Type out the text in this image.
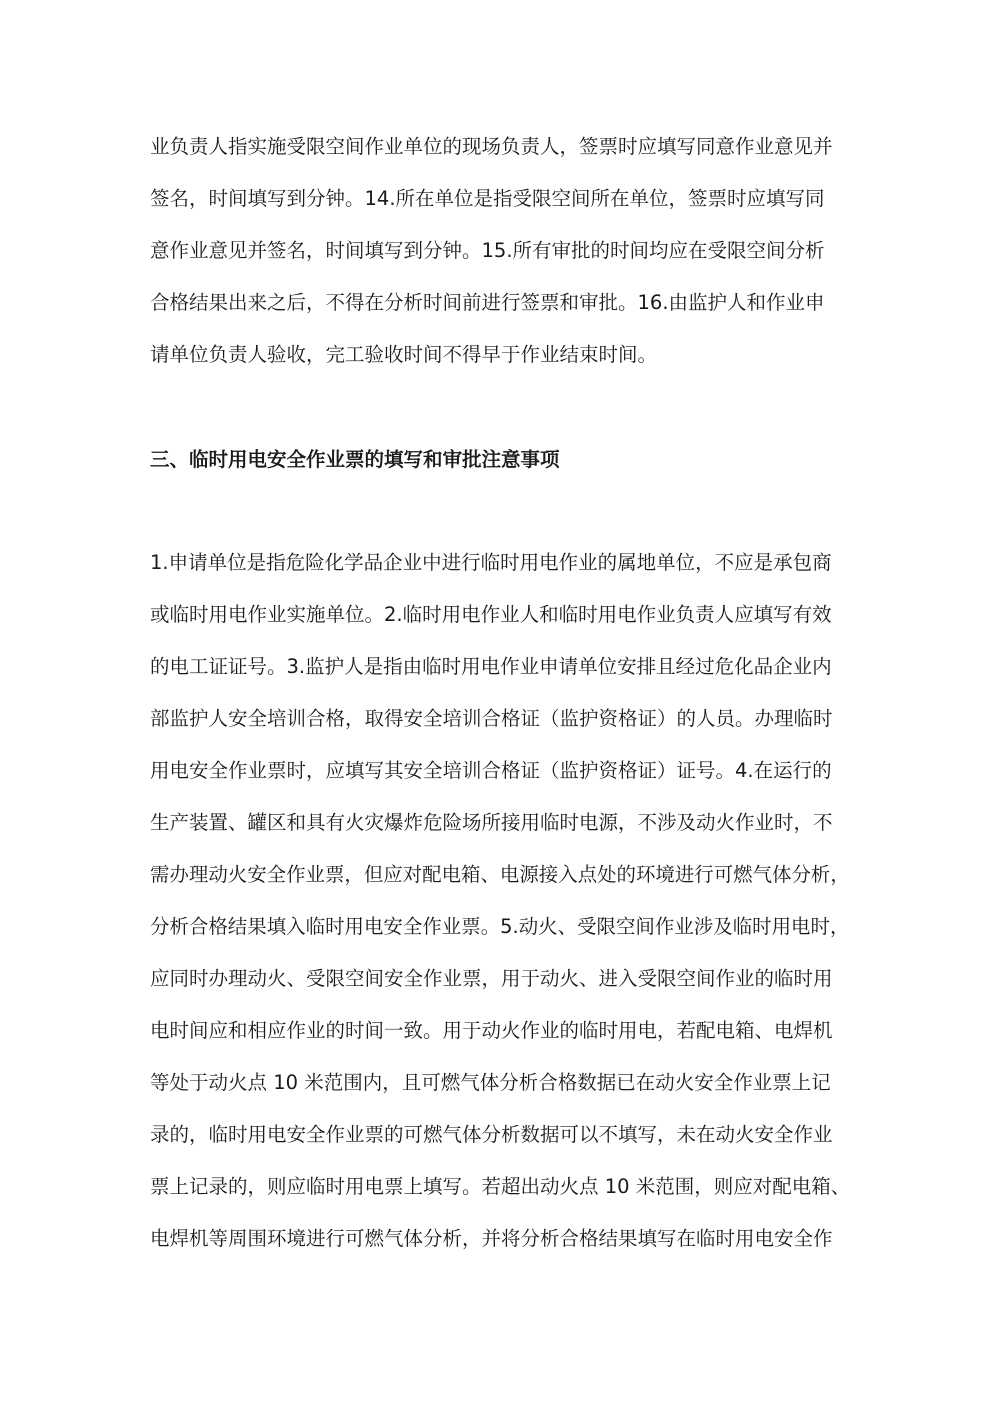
业负责人指实施受限空间作业单位的现场负责人，签票时应填写同意作业意见并
签名，时间填写到分钟。14.所在单位是指受限空间所在单位，签票时应填写同
意作业意见并签名，时间填写到分钟。15.所有审批的时间均应在受限空间分析
合格结果出来之后，不得在分析时间前进行签票和审批。16.由监护人和作业申
请单位负责人验收，完工验收时间不得早于作业结束时间。
三、临时用电安全作业票的填写和审批注意事项
1.申请单位是指危险化学品企业中进行临时用电作业的属地单位，不应是承包商
或临时用电作业实施单位。2.临时用电作业人和临时用电作业负责人应填写有效
的电工证证号。3.监护人是指由临时用电作业申请单位安排且经过危化品企业内
部监护人安全培训合格，取得安全培训合格证（监护资格证）的人员。办理临时
用电安全作业票时，应填写其安全培训合格证（监护资格证）证号。4.在运行的
生产装置、罐区和具有火灾爆炸危险场所接用临时电源，不涉及动火作业时，不
需办理动火安全作业票，但应对配电箱、电源接入点处的环境进行可燃气体分析，
分析合格结果填入临时用电安全作业票。5.动火、受限空间作业涉及临时用电时，
应同时办理动火、受限空间安全作业票，用于动火、进入受限空间作业的临时用
电时间应和相应作业的时间一致。用于动火作业的临时用电，若配电箱、电焊机
等处于动火点 10 米范围内，且可燃气体分析合格数据已在动火安全作业票上记
录的，临时用电安全作业票的可燃气体分析数据可以不填写，未在动火安全作业
票上记录的，则应临时用电票上填写。若超出动火点 10 米范围，则应对配电箱、
电焊机等周围环境进行可燃气体分析，并将分析合格结果填写在临时用电安全作
